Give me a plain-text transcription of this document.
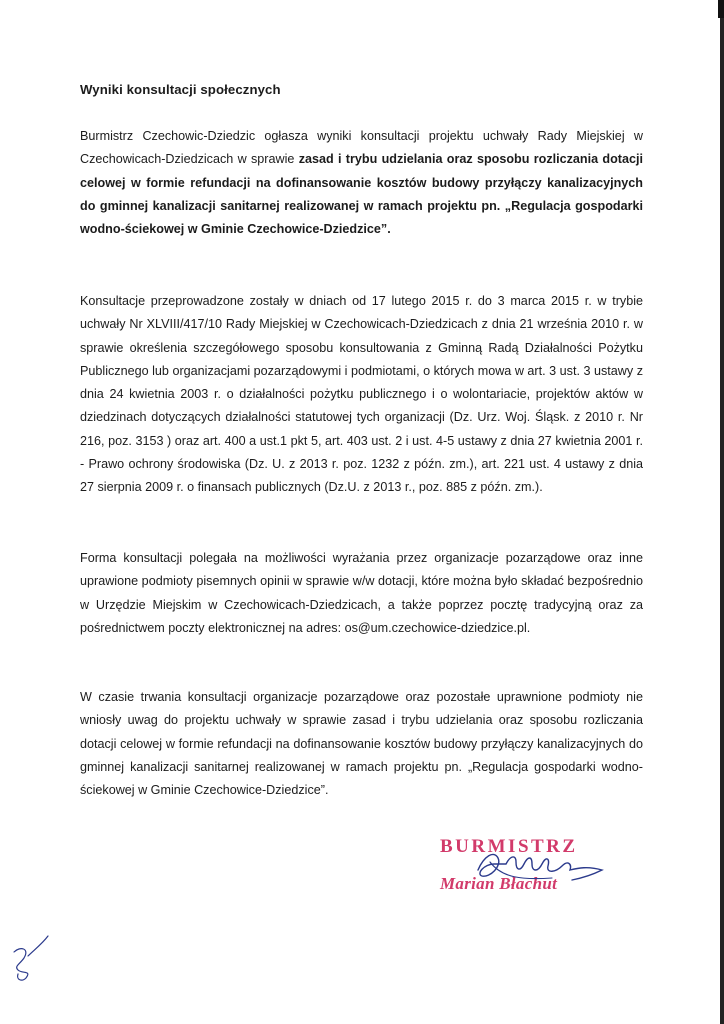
Wyniki konsultacji społecznych
Burmistrz Czechowic-Dziedzic ogłasza wyniki konsultacji projektu uchwały Rady Miejskiej w Czechowicach-Dziedzicach w sprawie zasad i trybu udzielania oraz sposobu rozliczania dotacji celowej w formie refundacji na dofinansowanie kosztów budowy przyłączy kanalizacyjnych do gminnej kanalizacji sanitarnej realizowanej w ramach projektu pn. „Regulacja gospodarki wodno-ściekowej w Gminie Czechowice-Dziedzice”.
Konsultacje przeprowadzone zostały w dniach od 17 lutego 2015 r. do 3 marca 2015 r. w trybie uchwały Nr XLVIII/417/10 Rady Miejskiej w Czechowicach-Dziedzicach z dnia 21 września 2010 r. w sprawie określenia szczegółowego sposobu konsultowania z Gminną Radą Działalności Pożytku Publicznego lub organizacjami pozarządowymi i podmiotami, o których mowa w art. 3 ust. 3 ustawy z dnia 24 kwietnia 2003 r. o działalności pożytku publicznego i o wolontariacie, projektów aktów w dziedzinach dotyczących działalności statutowej tych organizacji (Dz. Urz. Woj. Śląsk. z 2010 r. Nr 216, poz. 3153 ) oraz art. 400 a ust.1 pkt 5, art. 403 ust. 2 i ust. 4-5 ustawy z dnia 27 kwietnia 2001 r. - Prawo ochrony środowiska (Dz. U. z 2013 r. poz. 1232 z późn. zm.), art. 221 ust. 4 ustawy z dnia 27 sierpnia 2009 r. o finansach publicznych (Dz.U. z 2013 r., poz. 885 z późn. zm.).
Forma konsultacji polegała na możliwości wyrażania przez organizacje pozarządowe oraz inne uprawione podmioty pisemnych opinii w sprawie w/w dotacji, które można było składać bezpośrednio w Urzędzie Miejskim w Czechowicach-Dziedzicach, a także poprzez pocztę tradycyjną oraz za pośrednictwem poczty elektronicznej na adres: os@um.czechowice-dziedzice.pl.
W czasie trwania konsultacji organizacje pozarządowe oraz pozostałe uprawnione podmioty nie wniosły uwag do projektu uchwały w sprawie zasad i trybu udzielania oraz sposobu rozliczania dotacji celowej w formie refundacji na dofinansowanie kosztów budowy przyłączy kanalizacyjnych do gminnej kanalizacji sanitarnej realizowanej w ramach projektu pn. „Regulacja gospodarki wodno-ściekowej w Gminie Czechowice-Dziedzice”.
BURMISTRZ
Marian Błachut
